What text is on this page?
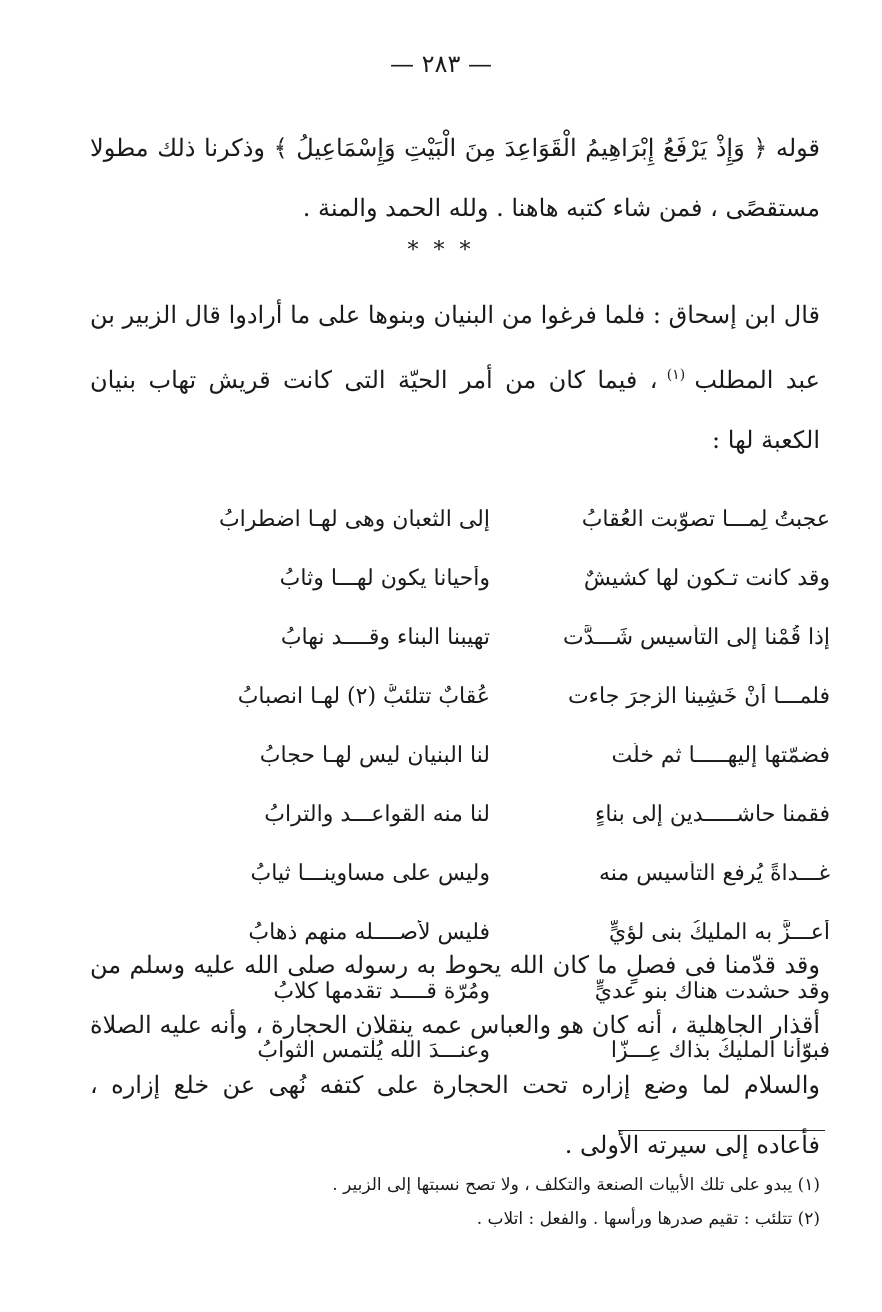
— ٢٨٣ —
قوله ﴿ وَإِذْ يَرْفَعُ إِبْرَاهِيمُ الْقَوَاعِدَ مِنَ الْبَيْتِ وَإِسْمَاعِيلُ ﴾ وذكرنا ذلك مطولا مستقصًى ، فمن شاء كتبه هاهنا . ولله الحمد والمنة .
* * *
قال ابن إسحاق : فلما فرغوا من البنيان وبنوها على ما أرادوا قال الزبير بن عبد المطلب $^{(١)}$ ، فيما كان من أمر الحيّة التى كانت قريش تهاب بنيان الكعبة لها :
عجبتُ لِمـــا تصوّبت العُقابُ
إلى الثعبان وهى لهـا اضطرابُ
وقد كانت تـكون لها كشيشٌ
وأحيانا يكون لهـــا وثابُ
إذا قُمْنا إلى التأسيس شَـــدَّت
تهيبنا البناء وقــــد نهابُ
فلمـــا أنْ خَشِينا الزجرَ جاءت
عُقابٌ تتلئبُّ (٢) لهـا انصبابُ
فضمّتها إليهـــــا ثم خلّت
لنا البنيان ليس لهـا حجابُ
فقمنا حاشـــــدين إلى بناءٍ
لنا منه القواعـــد والترابُ
غـــداةً يُرفع التأسيس منه
وليس على مساوينـــا ثيابُ
أعـــزَّ به المليكُ بنى لؤيٍّ
فليس لأصــــله منهم ذهابُ
وقد حشدت هناك بنو عديٍّ
ومُرّة قــــد تقدمها كلابُ
فبوّأنا المليكُ بذاك عِـــزّا
وعنـــدَ الله يُلْتمس الثوابُ
وقد قدّمنا فى فصلٍ ما كان الله يحوط به رسوله صلى الله عليه وسلم من أقذار الجاهلية ، أنه كان هو والعباس عمه ينقلان الحجارة ، وأنه عليه الصلاة والسلام لما وضع إزاره تحت الحجارة على كتفه نُهى عن خلع إزاره ، فأعاده إلى سيرته الأولى .
(١) يبدو على تلك الأبيات الصنعة والتكلف ، ولا تصح نسبتها إلى الزبير .
(٢) تتلئب : تقيم صدرها ورأسها . والفعل : اتلاب .
